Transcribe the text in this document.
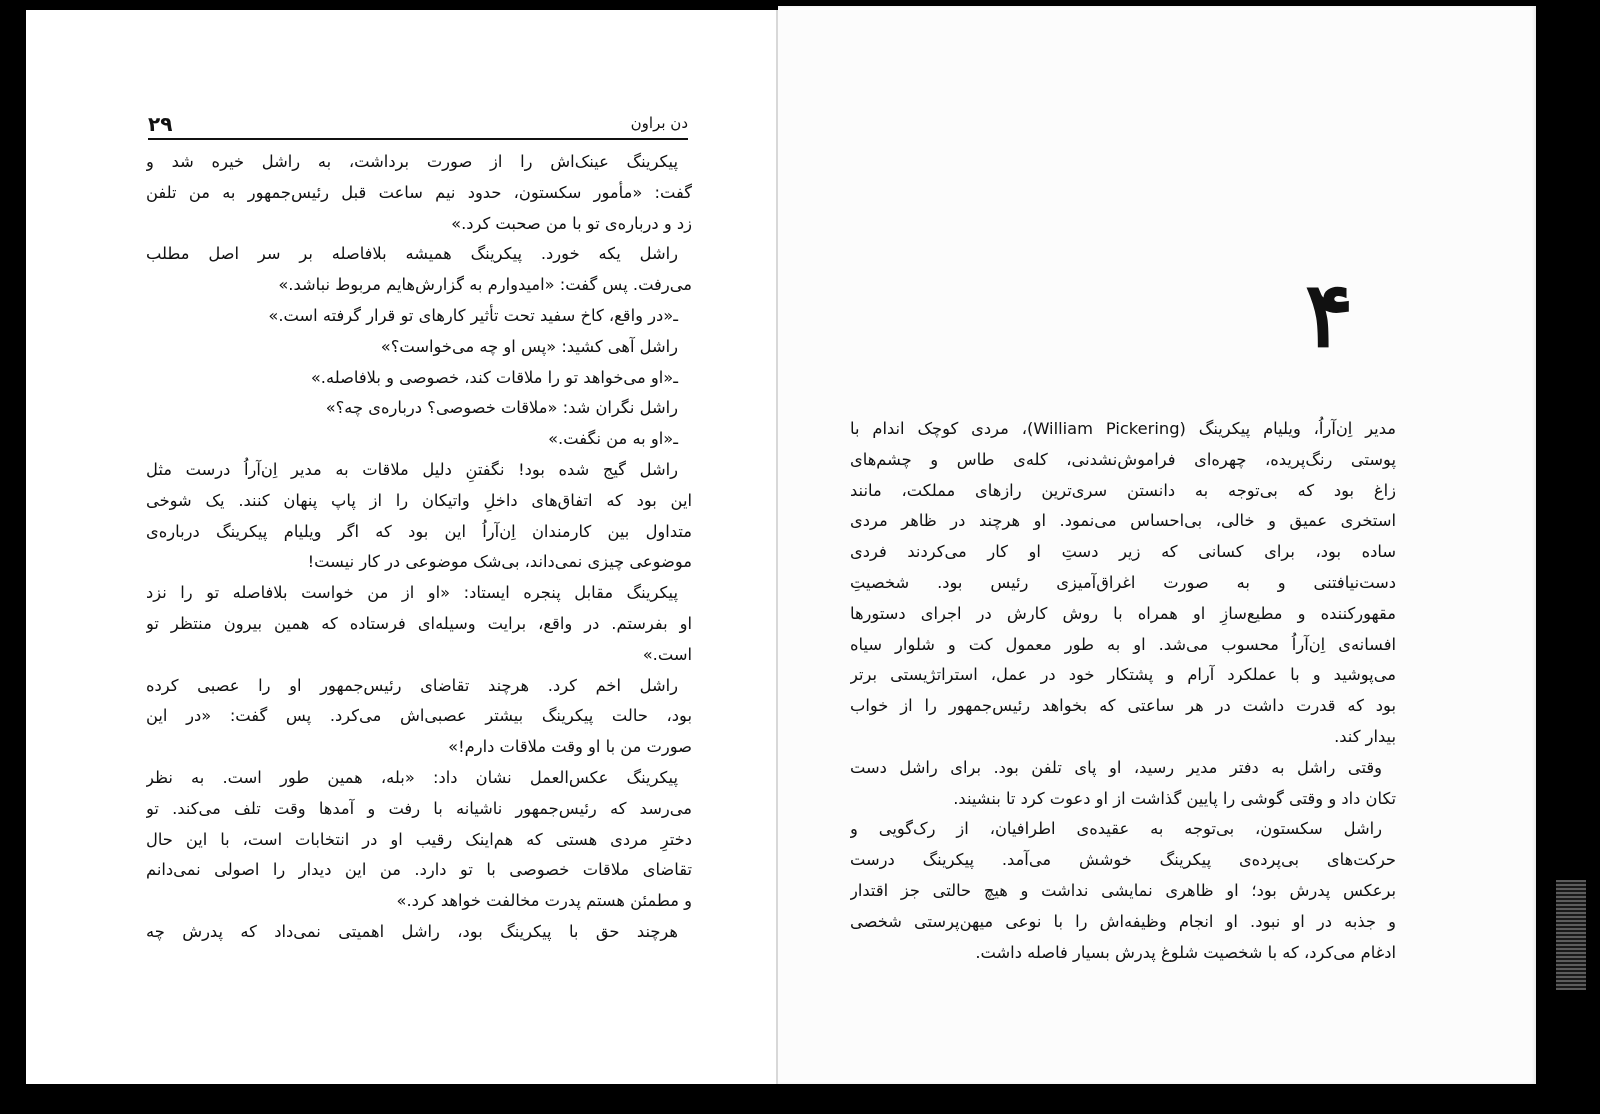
۲۹	دن براون
پیکرینگ عینک‌اش را از صورت برداشت، به راشل خیره شد و
گفت: «مأمور سکستون، حدود نیم ساعت قبل رئیس‌جمهور به من تلفن
زد و درباره‌ی تو با من صحبت کرد.»
راشل یکه خورد. پیکرینگ همیشه بلافاصله بر سر اصل مطلب
می‌رفت. پس گفت: «امیدوارم به گزارش‌هایم مربوط نباشد.»
ـ«در واقع، کاخ سفید تحت تأثیر کارهای تو قرار گرفته است.»
راشل آهی کشید: «پس او چه می‌خواست؟»
ـ«او می‌خواهد تو را ملاقات کند، خصوصی و بلافاصله.»
راشل نگران شد: «ملاقات خصوصی؟ درباره‌ی چه؟»
ـ«او به من نگفت.»
راشل گیج شده بود! نگفتنِ دلیل ملاقات به مدیر اِن‌آراُ درست مثل
این بود که اتفاق‌های داخلِ واتیکان را از پاپ پنهان کنند. یک شوخی
متداول بین کارمندان اِن‌آراُ این بود که اگر ویلیام پیکرینگ درباره‌ی
موضوعی چیزی نمی‌داند، بی‌شک موضوعی در کار نیست!
پیکرینگ مقابل پنجره ایستاد: «او از من خواست بلافاصله تو را نزد
او بفرستم. در واقع، برایت وسیله‌ای فرستاده که همین بیرون منتظر تو
است.»
راشل اخم کرد. هرچند تقاضای رئیس‌جمهور او را عصبی کرده
بود، حالت پیکرینگ بیشتر عصبی‌اش می‌کرد. پس گفت: «در این
صورت من با او وقت ملاقات دارم!»
پیکرینگ عکس‌العمل نشان داد: «بله، همین طور است. به نظر
می‌رسد که رئیس‌جمهور ناشیانه با رفت و آمدها وقت تلف می‌کند. تو
دخترِ مردی هستی که هم‌اینک رقیب او در انتخابات است، با این حال
تقاضای ملاقات خصوصی با تو دارد. من این دیدار را اصولی نمی‌دانم
و مطمئن هستم پدرت مخالفت خواهد کرد.»
هرچند حق با پیکرینگ بود، راشل اهمیتی نمی‌داد که پدرش چه
۴
مدیر اِن‌آراُ، ویلیام پیکرینگ (William Pickering)، مردی کوچک اندام با
پوستی رنگ‌پریده، چهره‌ای فراموش‌نشدنی، کله‌ی طاس و چشم‌های
زاغ بود که بی‌توجه به دانستن سری‌ترین رازهای مملکت، مانند
استخری عمیق و خالی، بی‌احساس می‌نمود. او هرچند در ظاهر مردی
ساده بود، برای کسانی که زیر دستِ او کار می‌کردند فردی
دست‌نیافتنی و به صورت اغراق‌آمیزی رئیس بود. شخصیتِ
مقهورکننده و مطیع‌سازِ او همراه با روش کارش در اجرای دستورها
افسانه‌ی اِن‌آراُ محسوب می‌شد. او به طور معمول کت و شلوار سیاه
می‌پوشید و با عملکرد آرام و پشتکار خود در عمل، استراتژیستی برتر
بود که قدرت داشت در هر ساعتی که بخواهد رئیس‌جمهور را از خواب
بیدار کند.
وقتی راشل به دفتر مدیر رسید، او پای تلفن بود. برای راشل دست
تکان داد و وقتی گوشی را پایین گذاشت از او دعوت کرد تا بنشیند.
راشل سکستون، بی‌توجه به عقیده‌ی اطرافیان، از رک‌گویی و
حرکت‌های بی‌پرده‌ی پیکرینگ خوشش می‌آمد. پیکرینگ درست
برعکس پدرش بود؛ او ظاهری نمایشی نداشت و هیچ حالتی جز اقتدار
و جذبه در او نبود. او انجام وظیفه‌اش را با نوعی میهن‌پرستی شخصی
ادغام می‌کرد، که با شخصیت شلوغ پدرش بسیار فاصله داشت.
